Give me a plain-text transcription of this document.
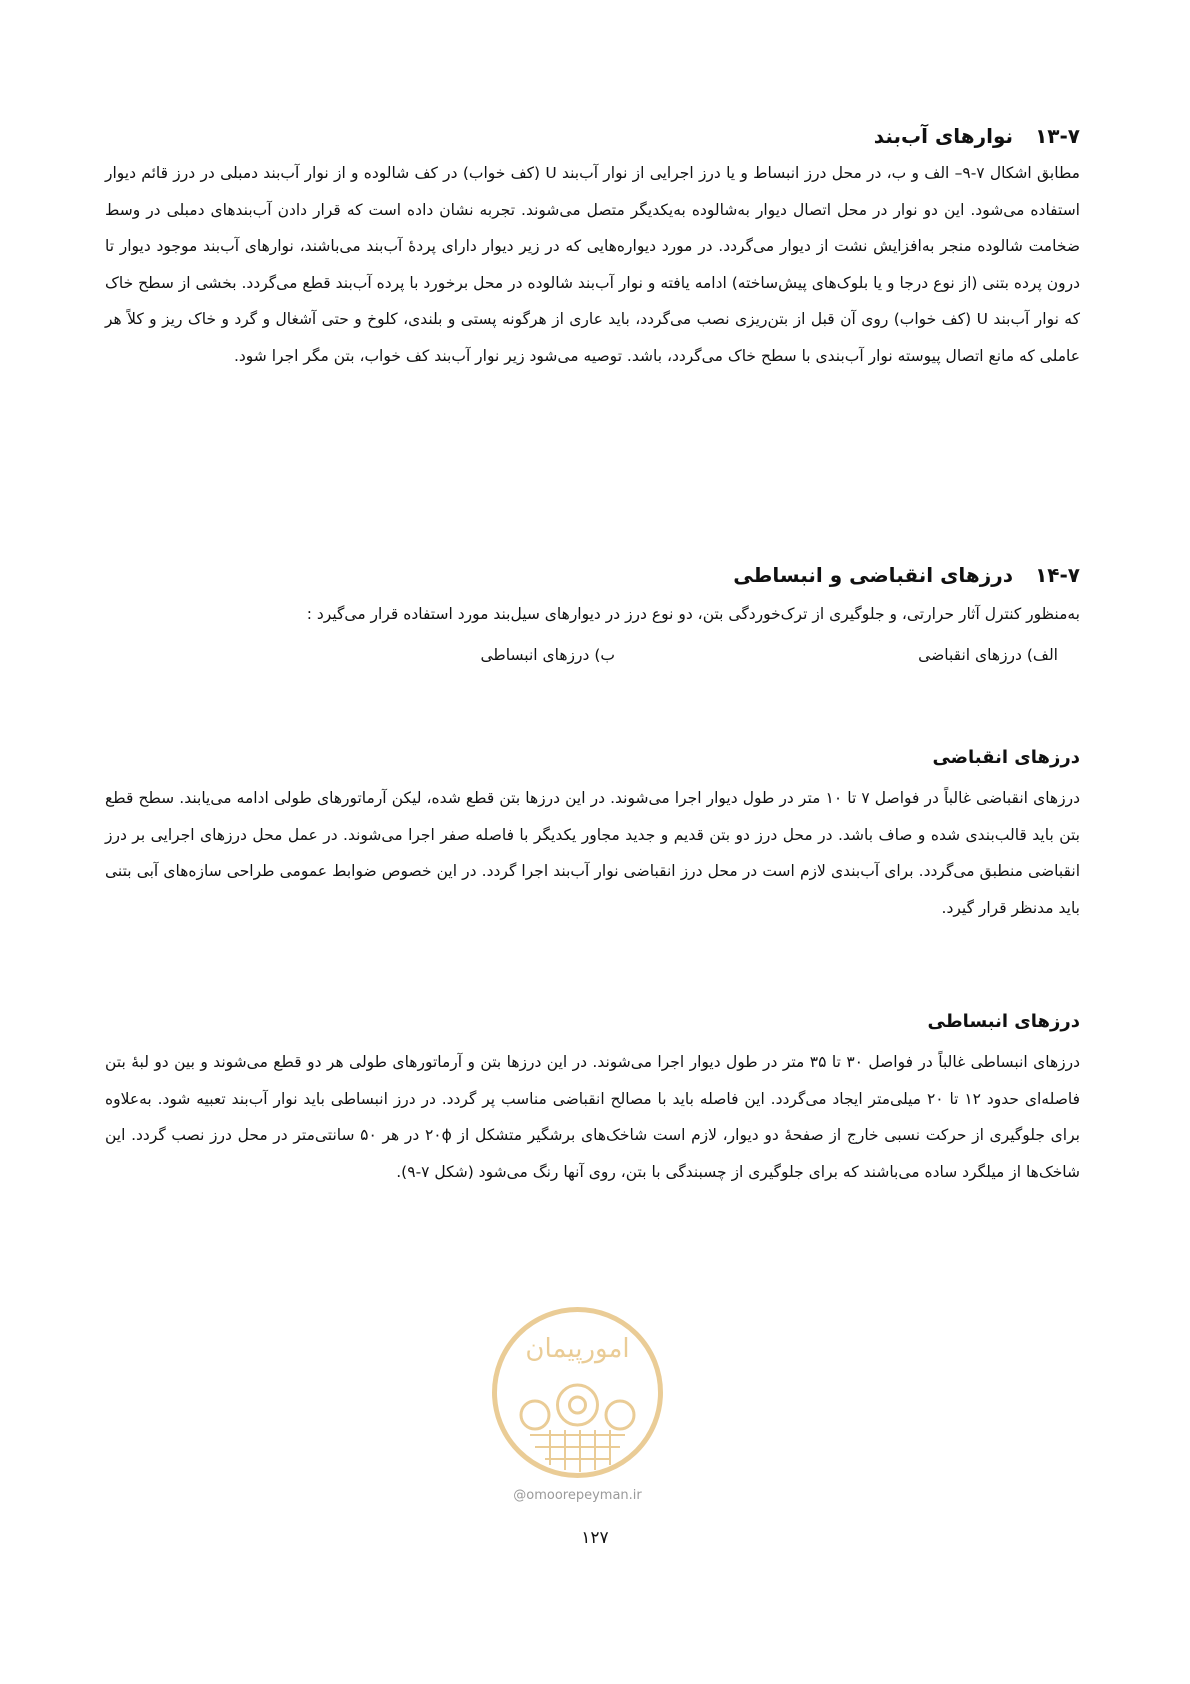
۱۳-۷نوارهای آب‌بند

مطابق اشکال ۷-۹– الف و ب، در محل درز انبساط و یا درز اجرایی از نوار آب‌بند U (کف خواب) در کف شالوده و از نوار آب‌بند دمبلی در درز قائم دیوار استفاده می‌شود. این دو نوار در محل اتصال دیوار به‌شالوده به‌یکدیگر متصل می‌شوند. تجربه نشان داده است که قرار دادن آب‌بندهای دمبلی در وسط ضخامت شالوده منجر به‌افزایش نشت از دیوار می‌گردد. در مورد دیواره‌هایی که در زیر دیوار دارای پردهٔ آب‌بند می‌باشند، نوارهای آب‌بند موجود دیوار تا درون پرده بتنی (از نوع درجا و یا بلوک‌های پیش‌ساخته) ادامه یافته و نوار آب‌بند شالوده در محل برخورد با پرده آب‌بند قطع می‌گردد. بخشی از سطح خاک که نوار آب‌بند U (کف خواب) روی آن قبل از بتن‌ریزی نصب می‌گردد، باید عاری از هرگونه پستی و بلندی، کلوخ و حتی آشغال و گرد و خاک ریز و کلاً هر عاملی که مانع اتصال پیوسته نوار آب‌بندی با سطح خاک می‌گردد، باشد. توصیه می‌شود زیر نوار آب‌بند کف خواب، بتن مگر اجرا شود.

۱۴-۷درزهای انقباضی و انبساطی

به‌منظور کنترل آثار حرارتی، و جلوگیری از ترک‌خوردگی بتن، دو نوع درز در دیوارهای سیل‌بند مورد استفاده قرار می‌گیرد :

الف) درزهای انقباضی
ب) درزهای انبساطی
درزهای انقباضی

درزهای انقباضی غالباً در فواصل ۷ تا ۱۰ متر در طول دیوار اجرا می‌شوند. در این درزها بتن قطع شده، لیکن آرماتورهای طولی ادامه می‌یابند. سطح قطع بتن باید قالب‌بندی شده و صاف باشد. در محل درز دو بتن قدیم و جدید مجاور یکدیگر با فاصله صفر اجرا می‌شوند. در عمل محل درزهای اجرایی بر درز انقباضی منطبق می‌گردد. برای آب‌بندی لازم است در محل درز انقباضی نوار آب‌بند اجرا گردد. در این خصوص ضوابط عمومی طراحی سازه‌های آبی بتنی باید مدنظر قرار گیرد.

درزهای انبساطی

درزهای انبساطی غالباً در فواصل ۳۰ تا ۳۵ متر در طول دیوار اجرا می‌شوند. در این درزها بتن و آرماتورهای طولی هر دو قطع می‌شوند و بین دو لبهٔ بتن فاصله‌ای حدود ۱۲ تا ۲۰ میلی‌متر ایجاد می‌گردد. این فاصله باید با مصالح انقباضی مناسب پر گردد. در درز انبساطی باید نوار آب‌بند تعبیه شود. به‌علاوه برای جلوگیری از حرکت نسبی خارج از صفحهٔ دو دیوار، لازم است شاخک‌های برشگیر متشکل از ۲۰ϕ در هر ۵۰ سانتی‌متر در محل درز نصب گردد. این شاخک‌ها از میلگرد ساده می‌باشند که برای جلوگیری از چسبندگی با بتن، روی آنها رنگ می‌شود (شکل ۷-۹).

امورپیمان
@omoorepeyman.ir
۱۲۷
